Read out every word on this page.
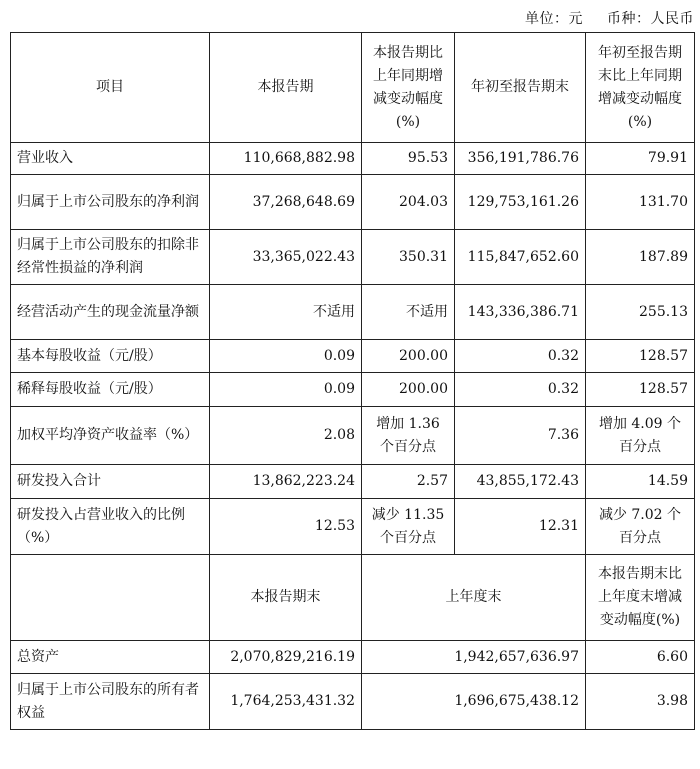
单位：元 币种：人民币
项目	本报告期	本报告期比上年同期增减变动幅度(%)	年初至报告期末	年初至报告期末比上年同期增减变动幅度(%)
营业收入	110,668,882.98	95.53	356,191,786.76	79.91
归属于上市公司股东的净利润	37,268,648.69	204.03	129,753,161.26	131.70
归属于上市公司股东的扣除非经常性损益的净利润	33,365,022.43	350.31	115,847,652.60	187.89
经营活动产生的现金流量净额	不适用	不适用	143,336,386.71	255.13
基本每股收益（元/股）	0.09	200.00	0.32	128.57
稀释每股收益（元/股）	0.09	200.00	0.32	128.57
加权平均净资产收益率（%）	2.08	增加 1.36 个百分点	7.36	增加 4.09 个百分点
研发投入合计	13,862,223.24	2.57	43,855,172.43	14.59
研发投入占营业收入的比例（%）	12.53	减少 11.35 个百分点	12.31	减少 7.02 个百分点
	本报告期末	上年度末		本报告期末比上年度末增减变动幅度(%)
总资产	2,070,829,216.19	1,942,657,636.97		6.60
归属于上市公司股东的所有者权益	1,764,253,431.32	1,696,675,438.12		3.98
